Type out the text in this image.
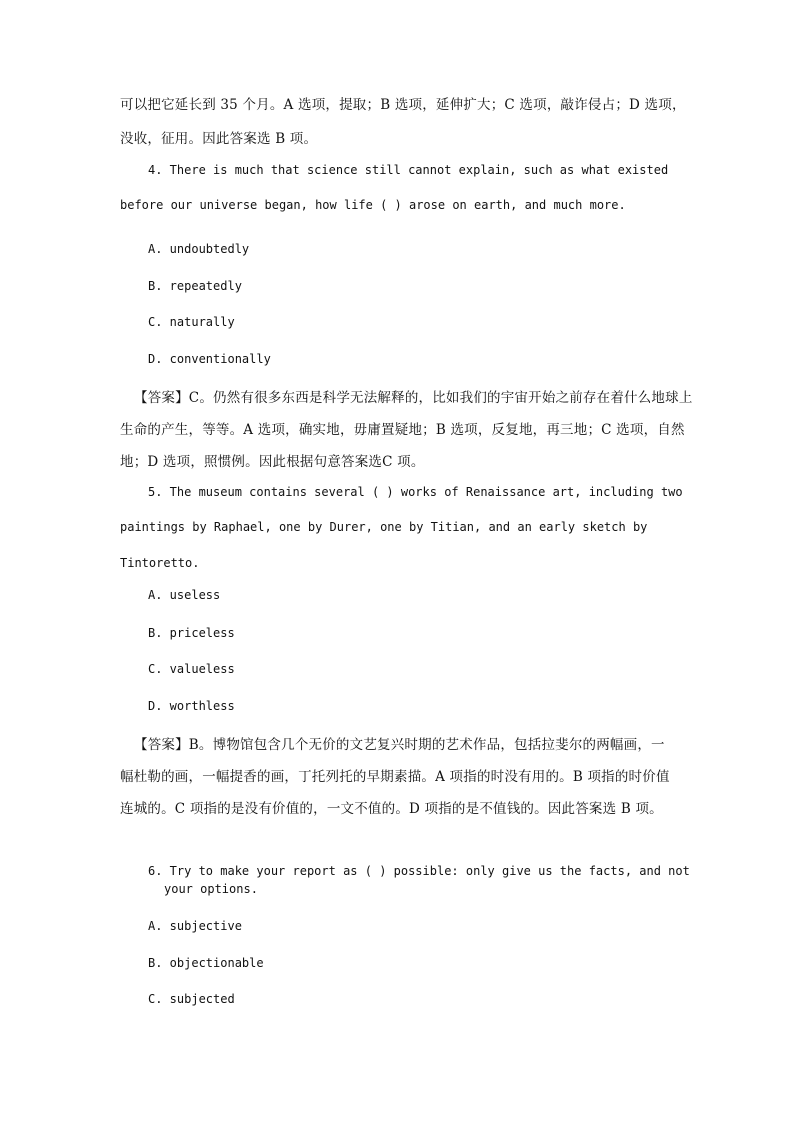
可以把它延长到 35 个月。A 选项，提取；B 选项，延伸扩大；C 选项，敲诈侵占；D 选项，
没收，征用。因此答案选 B 项。
4. There is much that science still cannot explain, such as what existed
before our universe began, how life ( ) arose on earth, and much more.
A. undoubtedly
B. repeatedly
C. naturally
D. conventionally
【答案】C。仍然有很多东西是科学无法解释的，比如我们的宇宙开始之前存在着什么地球上
生命的产生，等等。A 选项，确实地，毋庸置疑地；B 选项，反复地，再三地；C 选项，自然
地；D 选项，照惯例。因此根据句意答案选C 项。
5. The museum contains several ( ) works of Renaissance art, including two
paintings by Raphael, one by Durer, one by Titian, and an early sketch by
Tintoretto.
A. useless
B. priceless
C. valueless
D. worthless
【答案】B。博物馆包含几个无价的文艺复兴时期的艺术作品，包括拉斐尔的两幅画，一
幅杜勒的画，一幅提香的画，丁托列托的早期素描。A 项指的时没有用的。B 项指的时价值
连城的。C 项指的是没有价值的，一文不值的。D 项指的是不值钱的。因此答案选 B 项。
6. Try to make your report as ( ) possible: only give us the facts, and not
your options.
A. subjective
B. objectionable
C. subjected
